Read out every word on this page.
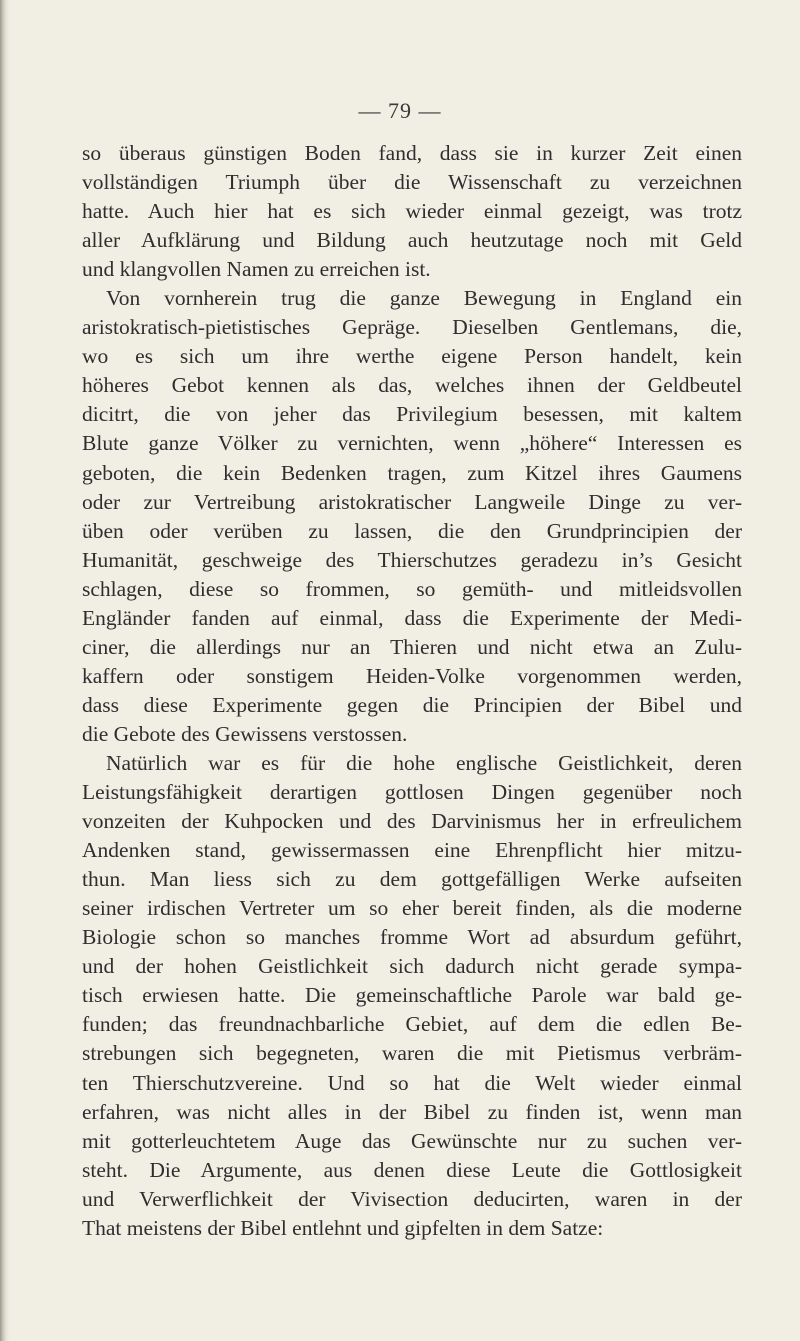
— 79 —
so überaus günstigen Boden fand, dass sie in kurzer Zeit einen
vollständigen Triumph über die Wissenschaft zu verzeichnen
hatte. Auch hier hat es sich wieder einmal gezeigt, was trotz
aller Aufklärung und Bildung auch heutzutage noch mit Geld
und klangvollen Namen zu erreichen ist.
Von vornherein trug die ganze Bewegung in England ein
aristokratisch-pietistisches Gepräge. Dieselben Gentlemans, die,
wo es sich um ihre werthe eigene Person handelt, kein
höheres Gebot kennen als das, welches ihnen der Geldbeutel
dicitrt, die von jeher das Privilegium besessen, mit kaltem
Blute ganze Völker zu vernichten, wenn „höhere“ Interessen es
geboten, die kein Bedenken tragen, zum Kitzel ihres Gaumens
oder zur Vertreibung aristokratischer Langweile Dinge zu ver-
üben oder verüben zu lassen, die den Grundprincipien der
Humanität, geschweige des Thierschutzes geradezu in’s Gesicht
schlagen, diese so frommen, so gemüth- und mitleidsvollen
Engländer fanden auf einmal, dass die Experimente der Medi-
ciner, die allerdings nur an Thieren und nicht etwa an Zulu-
kaffern oder sonstigem Heiden-Volke vorgenommen werden,
dass diese Experimente gegen die Principien der Bibel und
die Gebote des Gewissens verstossen.
Natürlich war es für die hohe englische Geistlichkeit, deren
Leistungsfähigkeit derartigen gottlosen Dingen gegenüber noch
vonzeiten der Kuhpocken und des Darvinismus her in erfreulichem
Andenken stand, gewissermassen eine Ehrenpflicht hier mitzu-
thun. Man liess sich zu dem gottgefälligen Werke aufseiten
seiner irdischen Vertreter um so eher bereit finden, als die moderne
Biologie schon so manches fromme Wort ad absurdum geführt,
und der hohen Geistlichkeit sich dadurch nicht gerade sympa-
tisch erwiesen hatte. Die gemeinschaftliche Parole war bald ge-
funden; das freundnachbarliche Gebiet, auf dem die edlen Be-
strebungen sich begegneten, waren die mit Pietismus verbräm-
ten Thierschutzvereine. Und so hat die Welt wieder einmal
erfahren, was nicht alles in der Bibel zu finden ist, wenn man
mit gotterleuchtetem Auge das Gewünschte nur zu suchen ver-
steht. Die Argumente, aus denen diese Leute die Gottlosigkeit
und Verwerflichkeit der Vivisection deducirten, waren in der
That meistens der Bibel entlehnt und gipfelten in dem Satze:
